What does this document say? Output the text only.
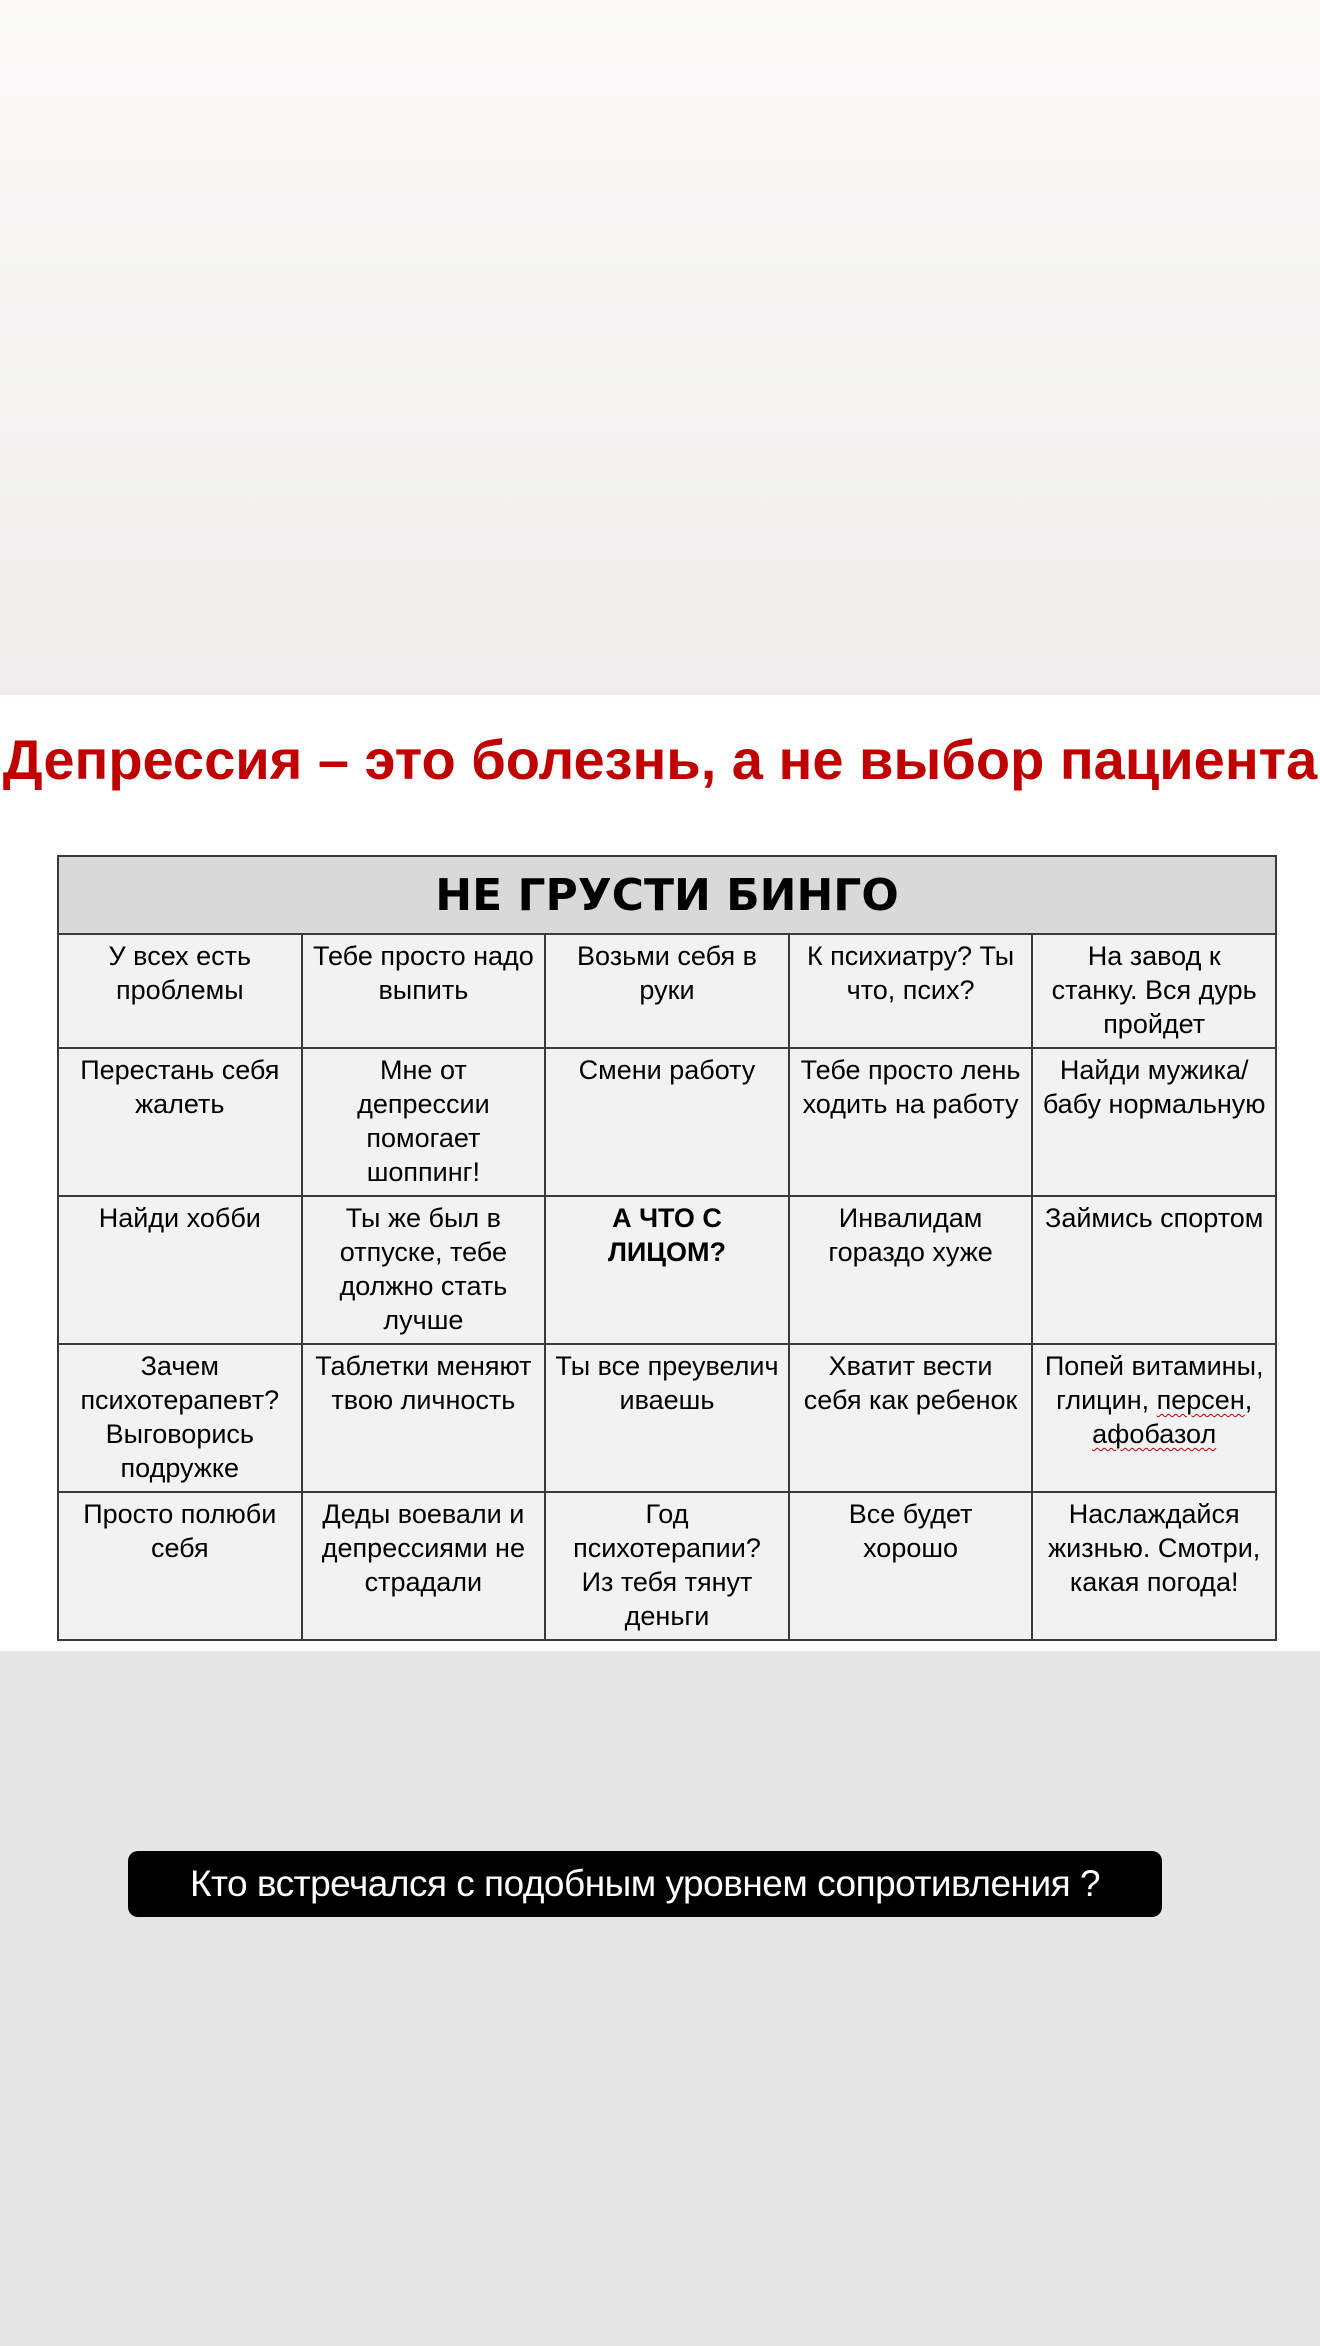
Депрессия – это болезнь, а не выбор пациента
НЕ ГРУСТИ БИНГО				
У всех есть проблемы	Тебе просто надо выпить	Возьми себя в руки	К психиатру? Ты что, псих?	На завод к станку. Вся дурь пройдет
Перестань себя жалеть	Мне от депрессии помогает шоппинг!	Смени работу	Тебе просто лень ходить на работу	Найди мужика/бабу нормальную
Найди хобби	Ты же был в отпуске, тебе должно стать лучше	А ЧТО С ЛИЦОМ?	Инвалидам гораздо хуже	Займись спортом
Зачем психотерапевт? Выговорись подружке	Таблетки меняют твою личность	Ты все преувеличиваешь	Хватит вести себя как ребенок	Попей витамины, глицин, персен, афобазол
Просто полюби себя	Деды воевали и депрессиями не страдали	Год психотерапии? Из тебя тянут деньги	Все будет хорошо	Наслаждайся жизнью. Смотри, какая погода!
Кто встречался с подобным уровнем сопротивления ?
